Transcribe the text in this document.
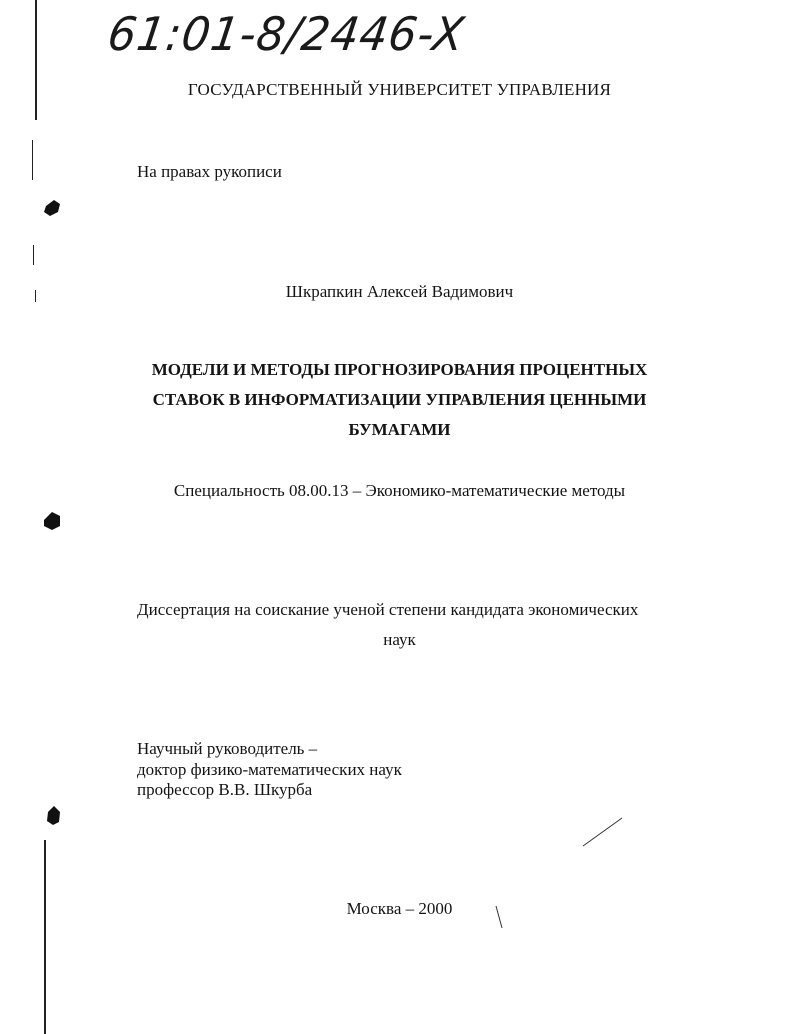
61:01-8/2446-X
ГОСУДАРСТВЕННЫЙ УНИВЕРСИТЕТ УПРАВЛЕНИЯ
На правах рукописи
Шкрапкин Алексей Вадимович
МОДЕЛИ И МЕТОДЫ ПРОГНОЗИРОВАНИЯ ПРОЦЕНТНЫХ
СТАВОК В ИНФОРМАТИЗАЦИИ УПРАВЛЕНИЯ ЦЕННЫМИ
БУМАГАМИ
Специальность 08.00.13 – Экономико-математические методы
Диссертация на соискание ученой степени кандидата экономических
наук
Научный руководитель –
доктор физико-математических наук
профессор В.В. Шкурба
Москва – 2000
